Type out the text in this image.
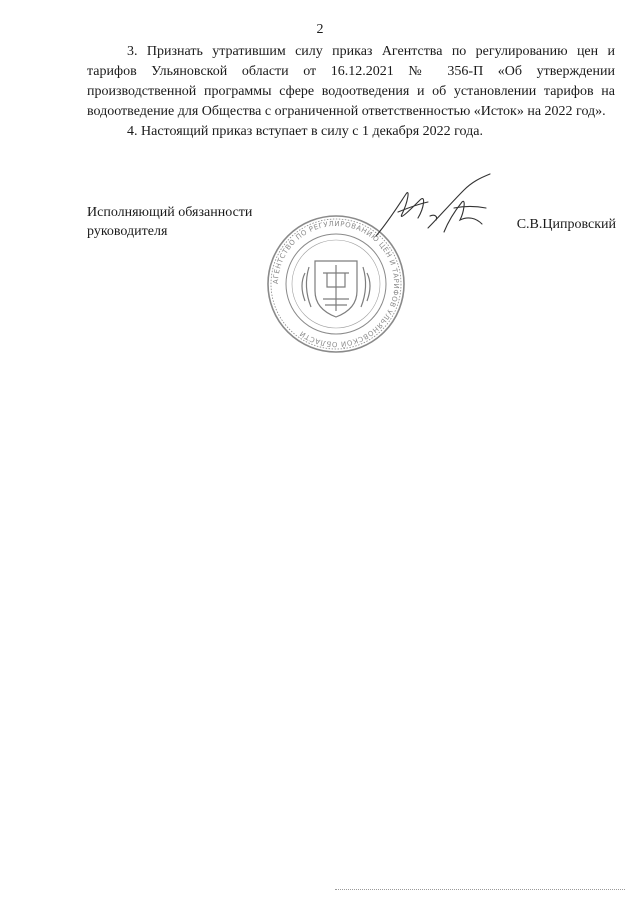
2

3. Признать утратившим силу приказ Агентства по регулированию цен и тарифов Ульяновской области от 16.12.2021 № 356-П «Об утверждении производственной программы сфере водоотведения и об установлении тарифов на водоотведение для Общества с ограниченной ответственностью «Исток» на 2022 год».

4. Настоящий приказ вступает в силу с 1 декабря 2022 года.

Исполняющий обязанности
руководителя	С.В.Ципровский
АГЕНТСТВО ПО РЕГУЛИРОВАНИЮ ЦЕН И ТАРИФОВ УЛЬЯНОВСКОЙ ОБЛАСТИ
